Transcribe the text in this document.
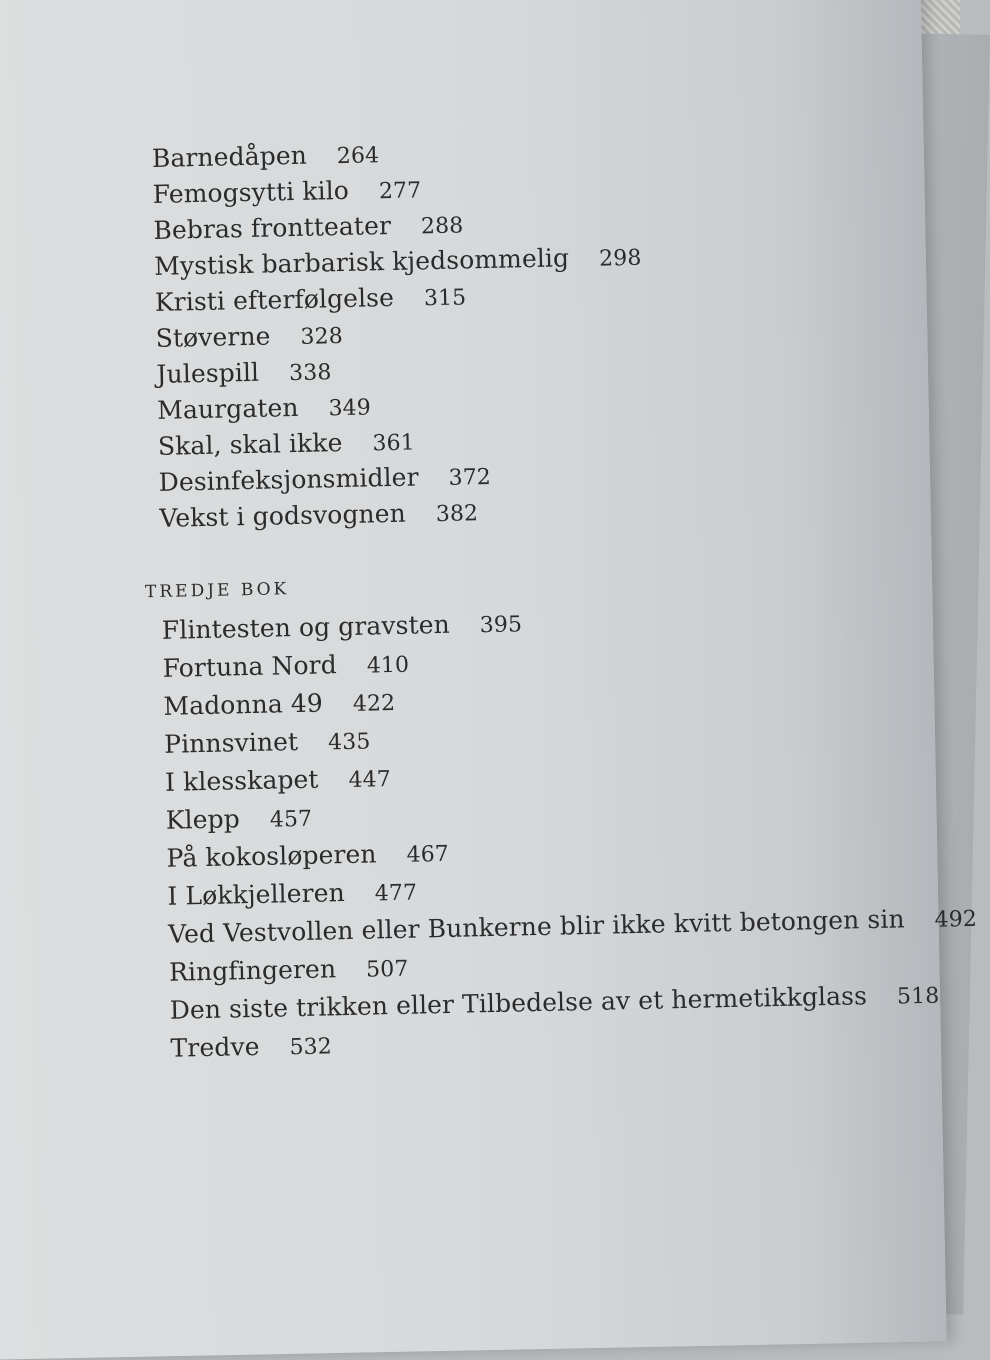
Barnedåpen 264
Femogsytti kilo 277
Bebras frontteater 288
Mystisk barbarisk kjedsommelig 298
Kristi efterfølgelse 315
Støverne 328
Julespill 338
Maurgaten 349
Skal, skal ikke 361
Desinfeksjonsmidler 372
Vekst i godsvognen 382
TREDJE BOK
Flintesten og gravsten 395
Fortuna Nord 410
Madonna 49 422
Pinnsvinet 435
I klesskapet 447
Klepp 457
På kokosløperen 467
I Løkkjelleren 477
Ved Vestvollen eller Bunkerne blir ikke kvitt betongen sin 492
Ringfingeren 507
Den siste trikken eller Tilbedelse av et hermetikkglass 518
Tredve 532
